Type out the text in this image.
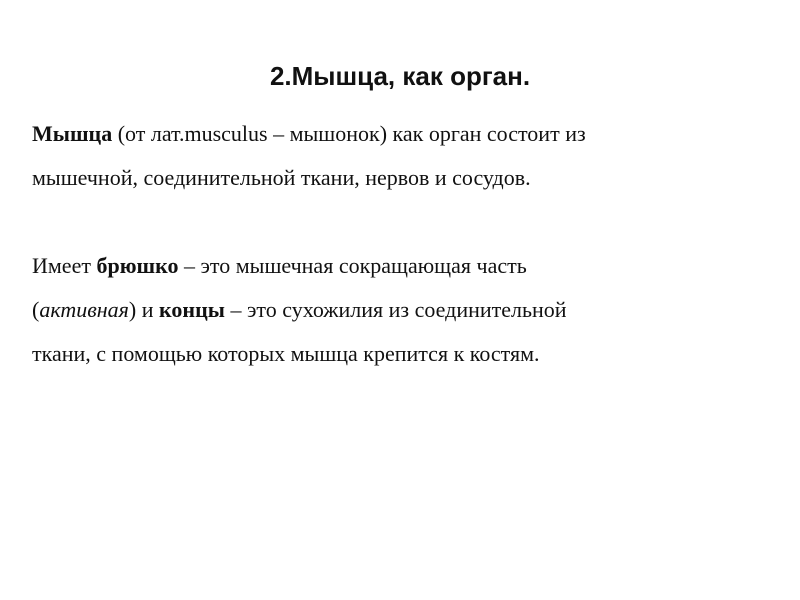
2.Мышца, как орган.
Мышца (от лат.musculus – мышонок) как орган состоит из
мышечной, соединительной ткани, нервов и сосудов.
Имеет брюшко – это мышечная сокращающая часть
(активная) и концы – это сухожилия из соединительной
ткани, с помощью которых мышца крепится к костям.
